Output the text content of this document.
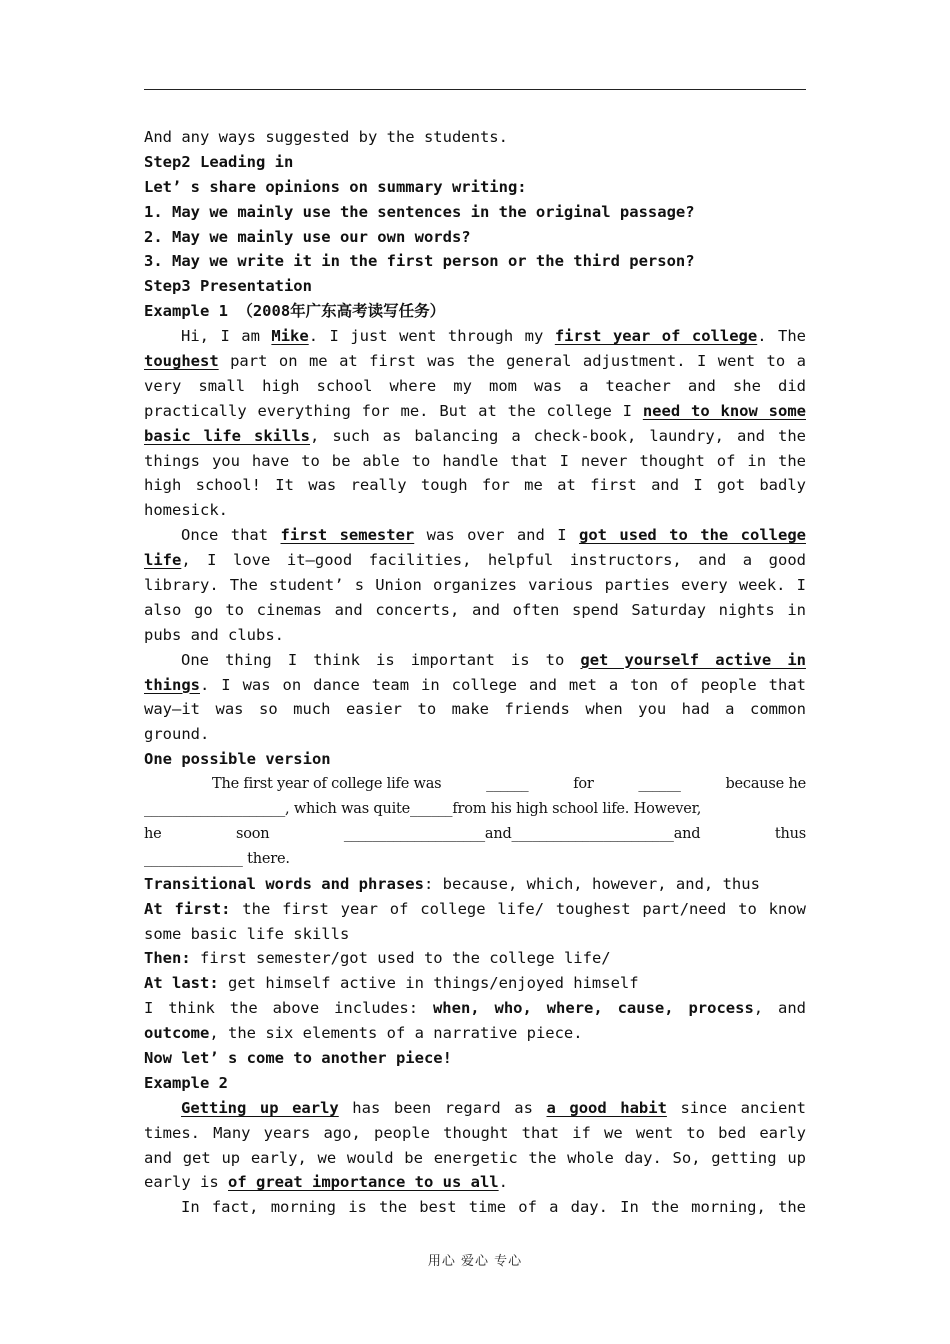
And any ways suggested by the students.
Step2 Leading in
Let’ s share opinions on summary writing:
1. May we mainly use the sentences in the original passage?
2. May we mainly use our own words?
3. May we write it in the first person or the third person?
Step3 Presentation
Example 1 （2008年广东高考读写任务）
Hi, I am Mike. I just went through my first year of college. The
toughest part on me at first was the general adjustment. I went to a
very small high school where my mom was a teacher and she did
practically everything for me. But at the college I need to know some
basic life skills, such as balancing a check-book, laundry, and the
things you have to be able to handle that I never thought of in the
high school! It was really tough for me at first and I got badly
homesick.
Once that first semester was over and I got used to the college
life, I love it—good facilities, helpful instructors, and a good
library. The student’ s Union organizes various parties every week. I
also go to cinemas and concerts, and often spend Saturday nights in
pubs and clubs.
One thing I think is important is to get yourself active in
things. I was on dance team in college and met a ton of people that
way—it was so much easier to make friends when you had a common
ground.
One possible version
The first year of college life was	______	for	______	because he
____________________, which was quite______from his high school life. However,
he	soon	____________________and_______________________and	thus
______________ there.
Transitional words and phrases: because, which, however, and, thus
At first: the first year of college life/ toughest part/need to know
some basic life skills
Then: first semester/got used to the college life/
At last: get himself active in things/enjoyed himself
I think the above includes: when, who, where, cause, process, and
outcome, the six elements of a narrative piece.
Now let’ s come to another piece!
Example 2
Getting up early has been regard as a good habit since ancient
times. Many years ago, people thought that if we went to bed early
and get up early, we would be energetic the whole day. So, getting up
early is of great importance to us all.
In fact, morning is the best time of a day. In the morning, the
用心 爱心 专心
